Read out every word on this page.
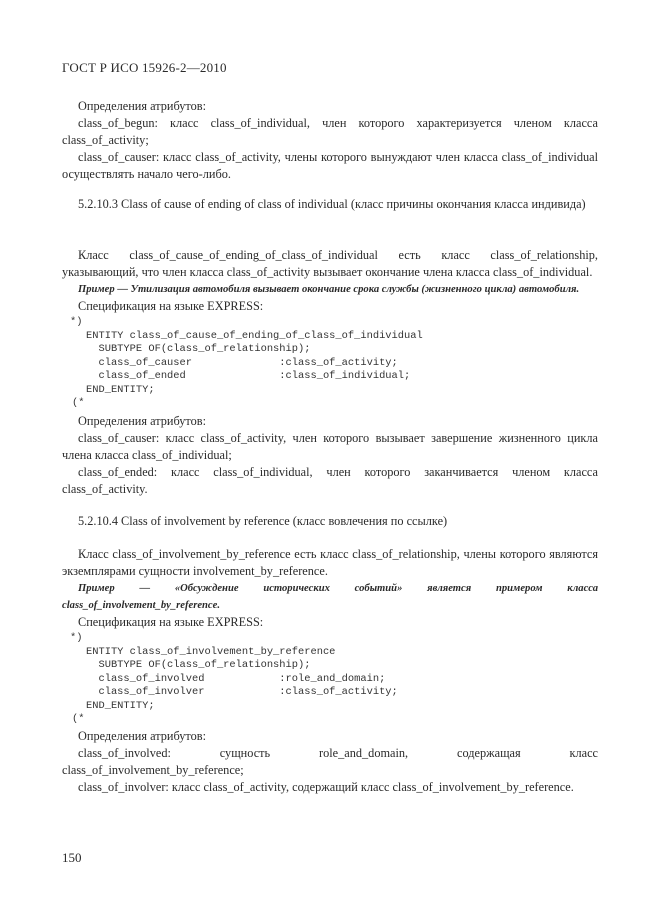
ГОСТ Р ИСО 15926-2—2010

Определения атрибутов:

class_of_begun: класс class_of_individual, член которого характеризуется членом класса class_of_activity;

class_of_causer: класс class_of_activity, члены которого вынуждают член класса class_of_individual осуществлять начало чего-либо.

5.2.10.3 Class of cause of ending of class of individual (класс причины окончания класса индивида)

Класс class_of_cause_of_ending_of_class_of_individual есть класс class_of_relationship, указывающий, что член класса class_of_activity вызывает окончание члена класса class_of_individual.

Пример — Утилизация автомобиля вызывает окончание срока службы (жизненного цикла) автомобиля.

Спецификация на языке EXPRESS:

*)
ENTITY class_of_cause_of_ending_of_class_of_individual
SUBTYPE OF(class_of_relationship);
class_of_causer              :class_of_activity;
class_of_ended               :class_of_individual;
END_ENTITY;
(*

Определения атрибутов:

class_of_causer: класс class_of_activity, член которого вызывает завершение жизненного цикла члена класса class_of_individual;

class_of_ended: класс class_of_individual, член которого заканчивается членом класса class_of_activity.

5.2.10.4 Class of involvement by reference (класс вовлечения по ссылке)

Класс class_of_involvement_by_reference есть класс class_of_relationship, члены которого являются экземплярами сущности involvement_by_reference.

Пример — «Обсуждение исторических событий» является примером класса class_of_involvement_by_reference.

Спецификация на языке EXPRESS:

*)
ENTITY class_of_involvement_by_reference
SUBTYPE OF(class_of_relationship);
class_of_involved            :role_and_domain;
class_of_involver            :class_of_activity;
END_ENTITY;
(*

Определения атрибутов:

class_of_involved: сущность role_and_domain, содержащая класс class_of_involvement_by_reference;

class_of_involver: класс class_of_activity, содержащий класс class_of_involvement_by_reference.

150
